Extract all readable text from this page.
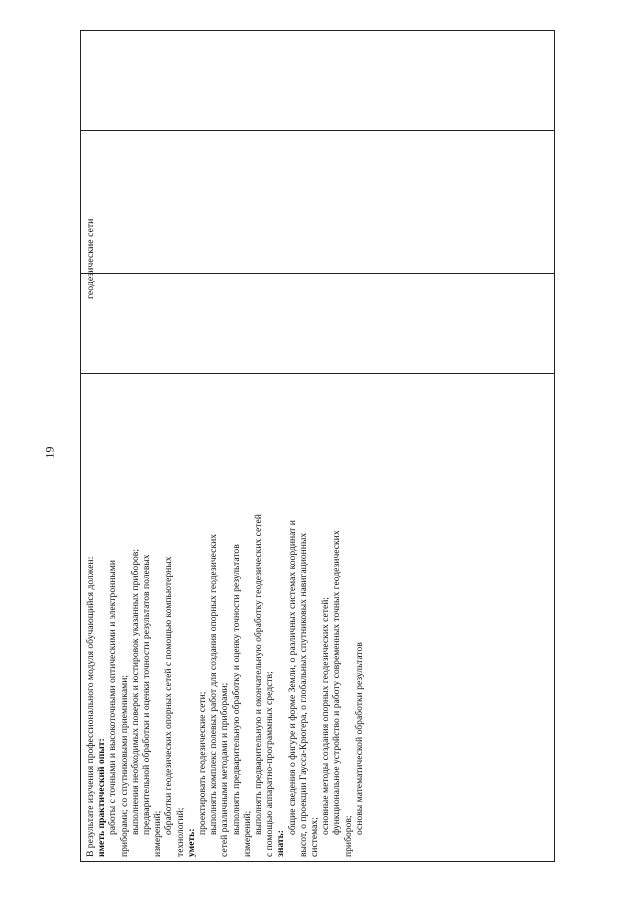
19

В результате изучения профессионального модуля обучающийся должен: иметь практический опыт: работы с точными и высокоточными оптическими и электронными приборами; со спутниковыми приемниками; выполнения необходимых поверок и юстировок указанных приборов; предварительной обработки и оценки точности результатов полевых измерений; обработки геодезических опорных сетей с помощью компьютерных технологий; уметь:

проектировать геодезические сети; выполнять комплекс полевых работ для создания опорных геодезических сетей различными методами и приборами; выполнять предварительную обработку и оценку точности результатов измерений; выполнять предварительную и окончательную обработку геодезических сетей с помощью аппаратно-программных средств; знать:

общие сведения о фигуре и форме Земли, о различных системах координат и высот, о проекции Гаусса-Крюгера, о глобальных спутниковых навигационных системах;

основные методы создания опорных геодезических сетей; функциональное устройство и работу современных точных геодезических приборов;

основы математической обработки результатов

геодезические сети
